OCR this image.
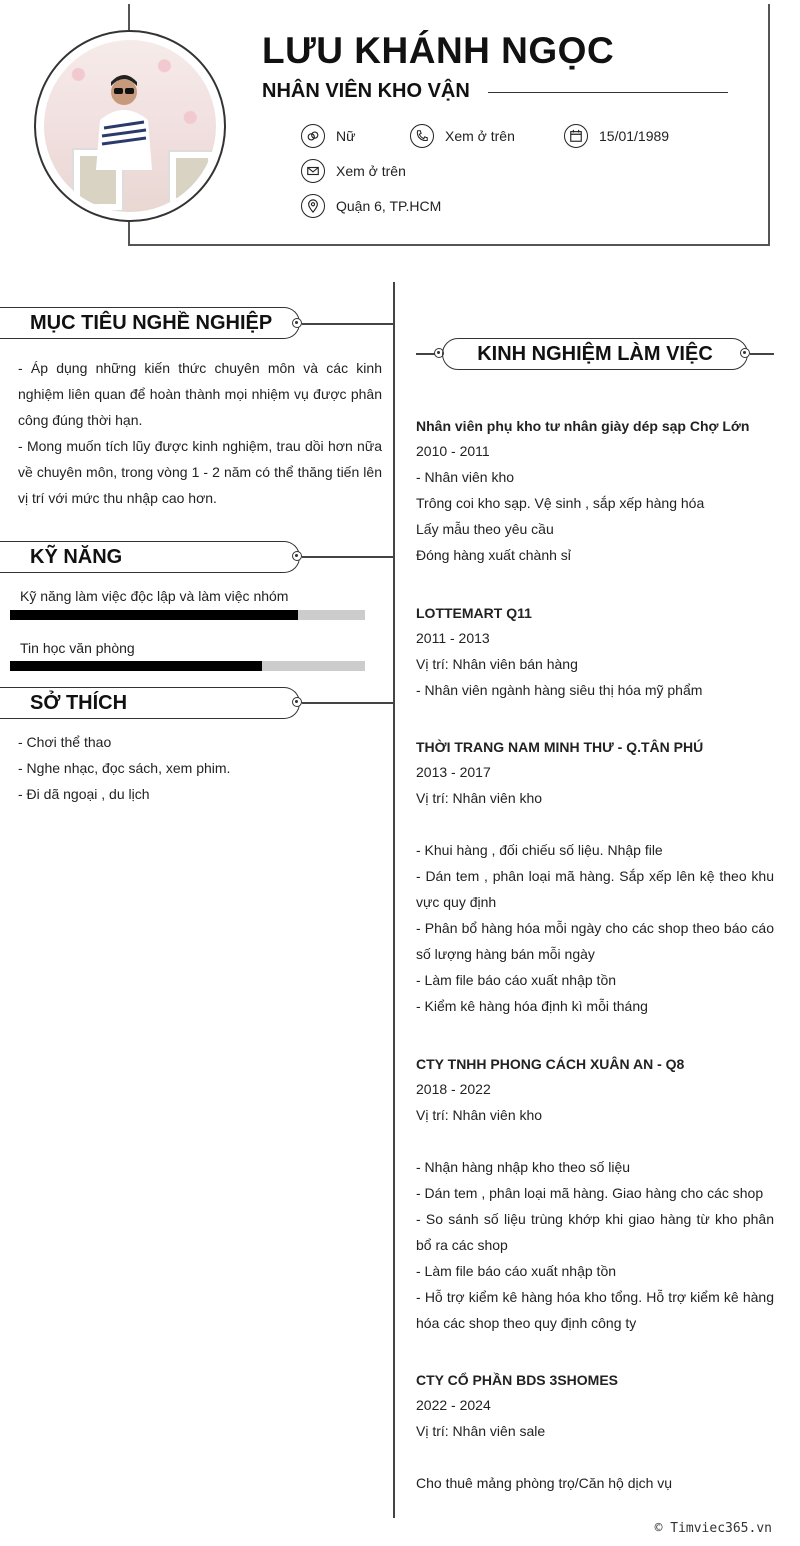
LƯU KHÁNH NGỌC
NHÂN VIÊN KHO VẬN
Nữ	Xem ở trên	15/01/1989
Xem ở trên
Quận 6, TP.HCM
MỤC TIÊU NGHỀ NGHIỆP
- Áp dụng những kiến thức chuyên môn và các kinh nghiệm liên quan để hoàn thành mọi nhiệm vụ được phân công đúng thời hạn.
- Mong muốn tích lũy được kinh nghiệm, trau dồi hơn nữa về chuyên môn, trong vòng 1 - 2 năm có thể thăng tiến lên vị trí với mức thu nhập cao hơn.
KỸ NĂNG
Kỹ năng làm việc độc lập và làm việc nhóm
Tin học văn phòng
SỞ THÍCH
- Chơi thể thao
- Nghe nhạc, đọc sách, xem phim.
- Đi dã ngoại , du lịch
KINH NGHIỆM LÀM VIỆC
Nhân viên phụ kho tư nhân giày dép sạp Chợ Lớn
2010 - 2011
- Nhân viên kho
Trông coi kho sạp. Vệ sinh , sắp xếp hàng hóa
Lấy mẫu theo yêu cầu
Đóng hàng xuất chành sỉ
LOTTEMART Q11
2011 - 2013
Vị trí: Nhân viên bán hàng
- Nhân viên ngành hàng siêu thị hóa mỹ phẩm
THỜI TRANG NAM MINH THƯ - Q.TÂN PHÚ
2013 - 2017
Vị trí: Nhân viên kho
- Khui hàng , đối chiếu số liệu. Nhập file
- Dán tem , phân loại mã hàng. Sắp xếp lên kệ theo khu vực quy định
- Phân bổ hàng hóa mỗi ngày cho các shop theo báo cáo số lượng hàng bán mỗi ngày
- Làm file báo cáo xuất nhập tồn
- Kiểm kê hàng hóa định kì mỗi tháng
CTY TNHH PHONG CÁCH XUÂN AN - Q8
2018 - 2022
Vị trí: Nhân viên kho
- Nhận hàng nhập kho theo số liệu
- Dán tem , phân loại mã hàng. Giao hàng cho các shop
- So sánh số liệu trùng khớp khi giao hàng từ kho phân bổ ra các shop
- Làm file báo cáo xuất nhập tồn
- Hỗ trợ kiểm kê hàng hóa kho tổng. Hỗ trợ kiểm kê hàng hóa các shop theo quy định công ty
CTY CỔ PHẦN BDS 3SHOMES
2022 - 2024
Vị trí: Nhân viên sale
Cho thuê mảng phòng trọ/Căn hộ dịch vụ
© Timviec365.vn
